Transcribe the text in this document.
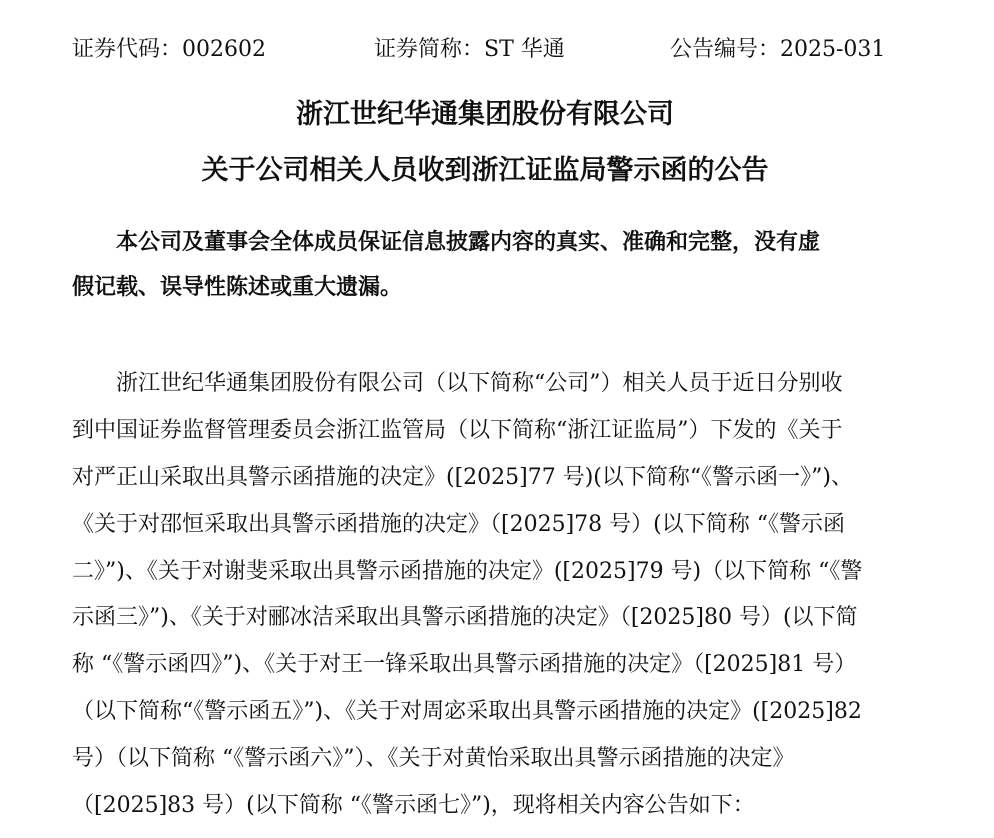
证券代码：002602	证券简称：ST 华通	公告编号：2025-031
浙江世纪华通集团股份有限公司
关于公司相关人员收到浙江证监局警示函的公告
本公司及董事会全体成员保证信息披露内容的真实、准确和完整，没有虚
假记载、误导性陈述或重大遗漏。
浙江世纪华通集团股份有限公司（以下简称“公司”）相关人员于近日分别收
到中国证券监督管理委员会浙江监管局（以下简称“浙江证监局”）下发的《关于
对严正山采取出具警示函措施的决定》([2025]77 号)(以下简称“《警示函一》”)、
《关于对邵恒采取出具警示函措施的决定》（[2025]78 号）(以下简称 “《警示函
二》”)、《关于对谢斐采取出具警示函措施的决定》([2025]79 号)（以下简称 “《警
示函三》”)、《关于对郦冰洁采取出具警示函措施的决定》（[2025]80 号）(以下简
称 “《警示函四》”)、《关于对王一锋采取出具警示函措施的决定》（[2025]81 号）
（以下简称“《警示函五》”)、《关于对周宓采取出具警示函措施的决定》([2025]82
号）（以下简称 “《警示函六》”）、《关于对黄怡采取出具警示函措施的决定》
（[2025]83 号）(以下简称 “《警示函七》”)，现将相关内容公告如下：
